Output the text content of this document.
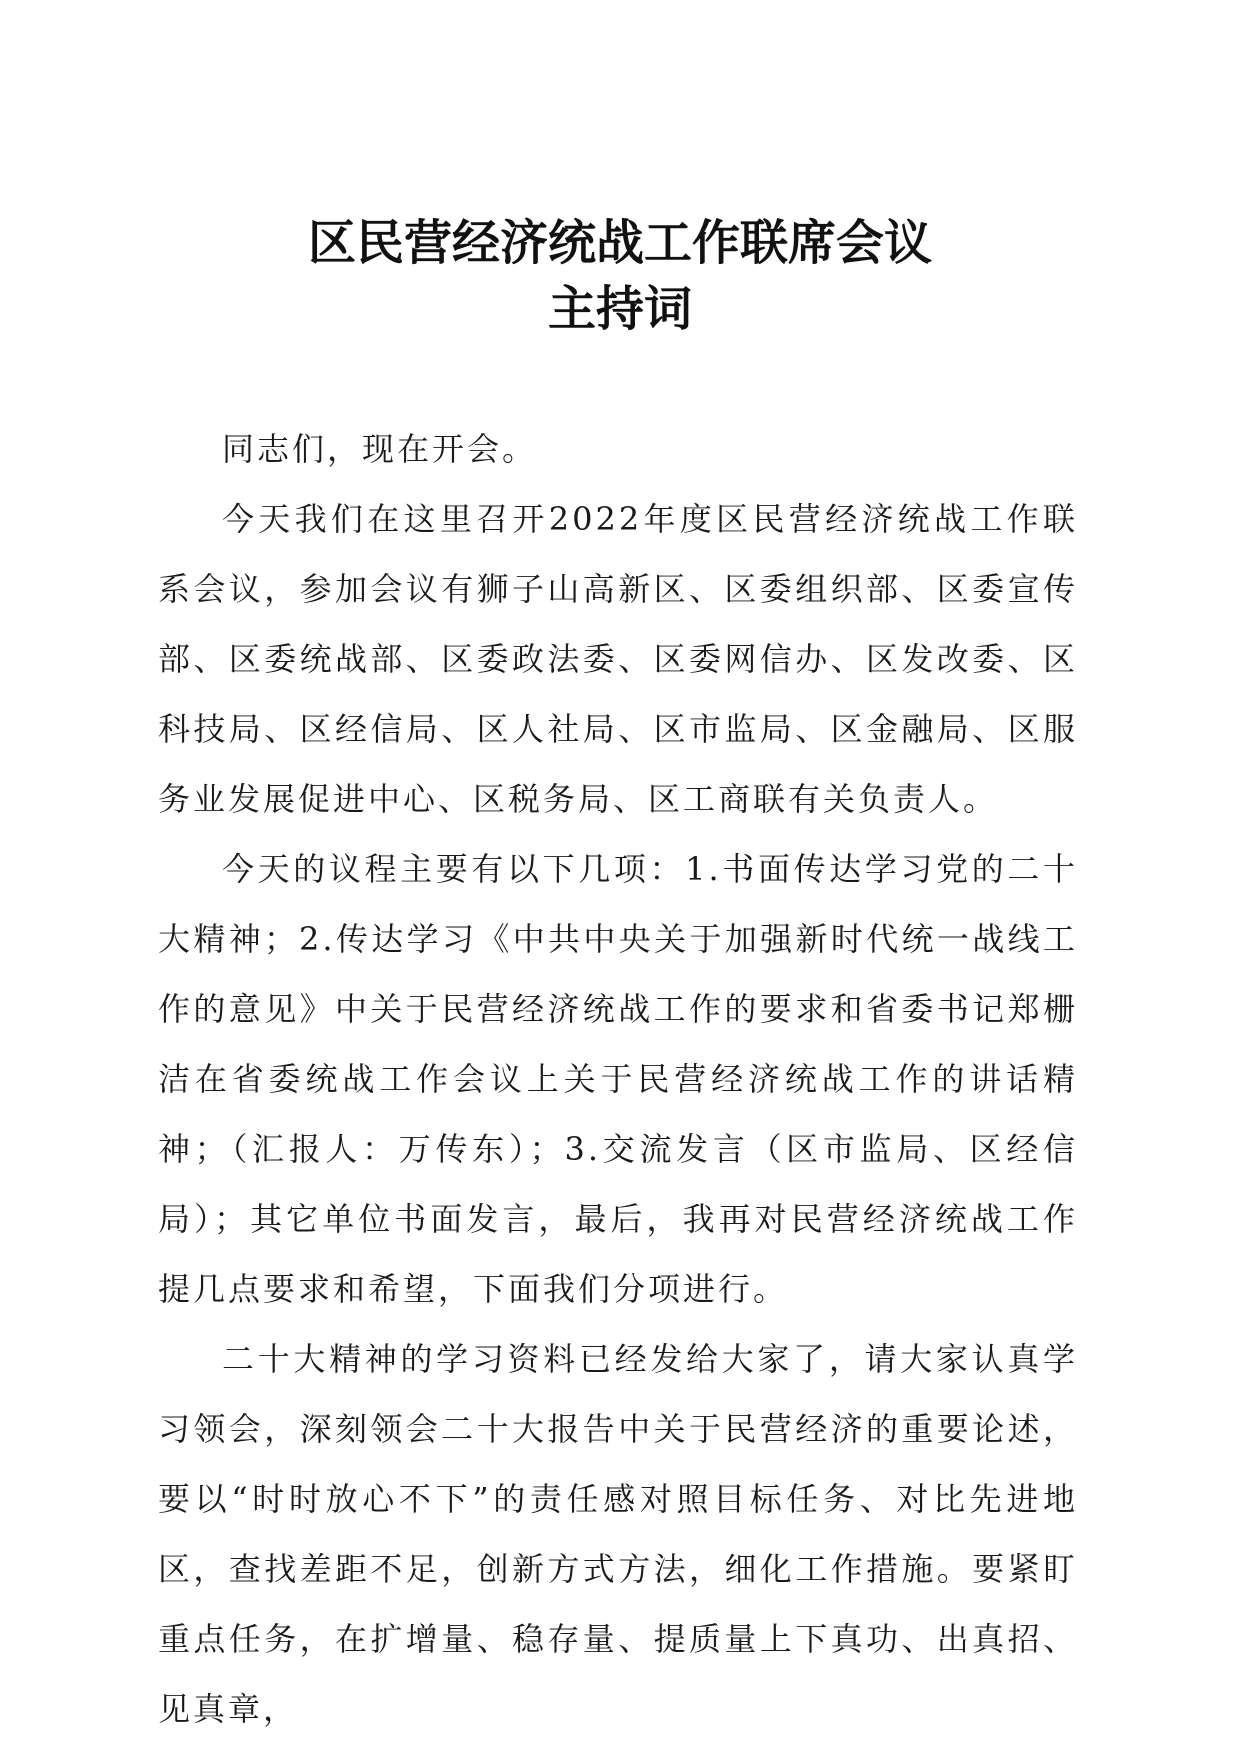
区民营经济统战工作联席会议
主持词

同志们，现在开会。

今天我们在这里召开2022年度区民营经济统战工作联系会议，参加会议有狮子山高新区、区委组织部、区委宣传部、区委统战部、区委政法委、区委网信办、区发改委、区科技局、区经信局、区人社局、区市监局、区金融局、区服务业发展促进中心、区税务局、区工商联有关负责人。

今天的议程主要有以下几项：1.书面传达学习党的二十大精神；2.传达学习《中共中央关于加强新时代统一战线工作的意见》中关于民营经济统战工作的要求和省委书记郑栅洁在省委统战工作会议上关于民营经济统战工作的讲话精神；（汇报人：万传东）；3.交流发言（区市监局、区经信局）；其它单位书面发言，最后，我再对民营经济统战工作提几点要求和希望，下面我们分项进行。

二十大精神的学习资料已经发给大家了，请大家认真学习领会，深刻领会二十大报告中关于民营经济的重要论述，要以“时时放心不下”的责任感对照目标任务、对比先进地区，查找差距不足，创新方式方法，细化工作措施。要紧盯重点任务，在扩增量、稳存量、提质量上下真功、出真招、见真章，
